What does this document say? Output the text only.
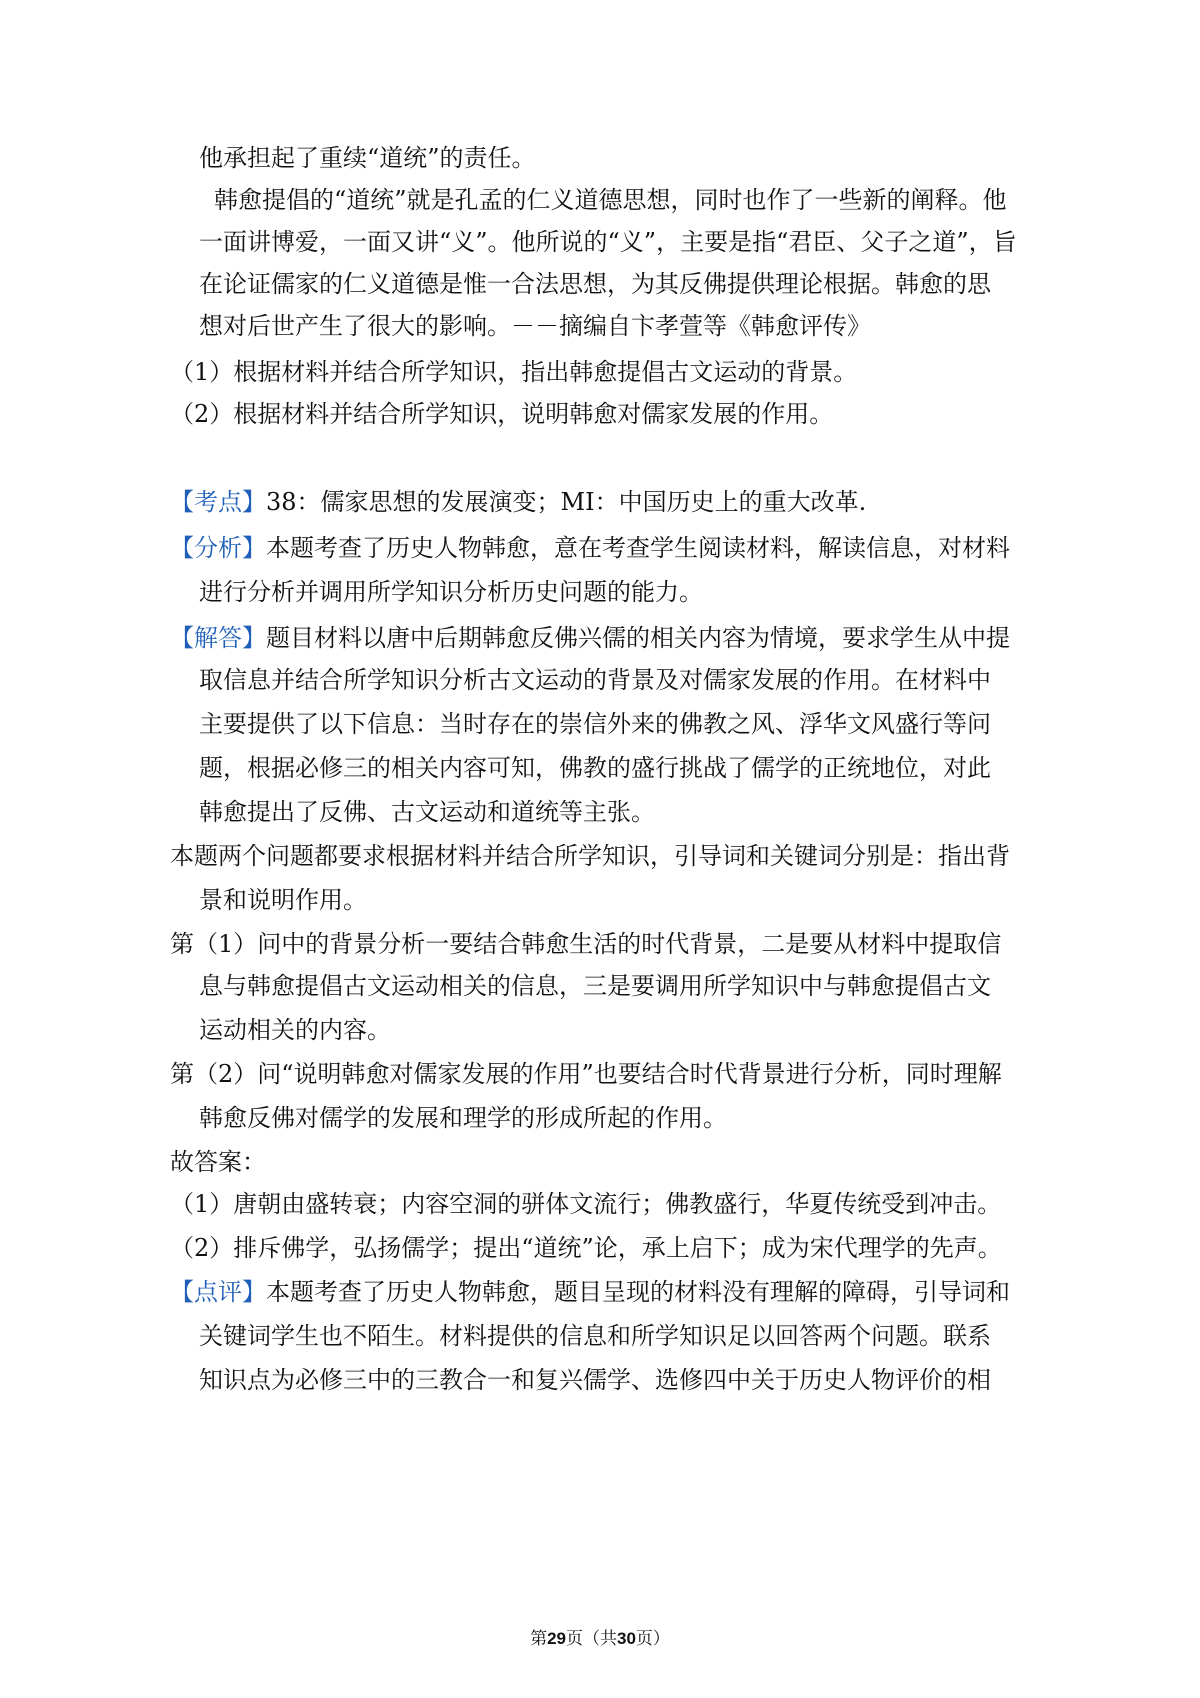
他承担起了重续“道统”的责任。
韩愈提倡的“道统”就是孔孟的仁义道德思想，同时也作了一些新的阐释。他
一面讲博爱，一面又讲“义”。他所说的“义”，主要是指“君臣、父子之道”，旨
在论证儒家的仁义道德是惟一合法思想，为其反佛提供理论根据。韩愈的思
想对后世产生了很大的影响。－－摘编自卞孝萱等《韩愈评传》
（1）根据材料并结合所学知识，指出韩愈提倡古文运动的背景。
（2）根据材料并结合所学知识，说明韩愈对儒家发展的作用。
【考点】38：儒家思想的发展演变；MI：中国历史上的重大改革.
【分析】本题考查了历史人物韩愈，意在考查学生阅读材料，解读信息，对材料
进行分析并调用所学知识分析历史问题的能力。
【解答】题目材料以唐中后期韩愈反佛兴儒的相关内容为情境，要求学生从中提
取信息并结合所学知识分析古文运动的背景及对儒家发展的作用。在材料中
主要提供了以下信息：当时存在的崇信外来的佛教之风、浮华文风盛行等问
题，根据必修三的相关内容可知，佛教的盛行挑战了儒学的正统地位，对此
韩愈提出了反佛、古文运动和道统等主张。
本题两个问题都要求根据材料并结合所学知识，引导词和关键词分别是：指出背
景和说明作用。
第（1）问中的背景分析一要结合韩愈生活的时代背景，二是要从材料中提取信
息与韩愈提倡古文运动相关的信息，三是要调用所学知识中与韩愈提倡古文
运动相关的内容。
第（2）问“说明韩愈对儒家发展的作用”也要结合时代背景进行分析，同时理解
韩愈反佛对儒学的发展和理学的形成所起的作用。
故答案：
（1）唐朝由盛转衰；内容空洞的骈体文流行；佛教盛行，华夏传统受到冲击。
（2）排斥佛学，弘扬儒学；提出“道统”论，承上启下；成为宋代理学的先声。
【点评】本题考查了历史人物韩愈，题目呈现的材料没有理解的障碍，引导词和
关键词学生也不陌生。材料提供的信息和所学知识足以回答两个问题。联系
知识点为必修三中的三教合一和复兴儒学、选修四中关于历史人物评价的相
第29页（共30页）
